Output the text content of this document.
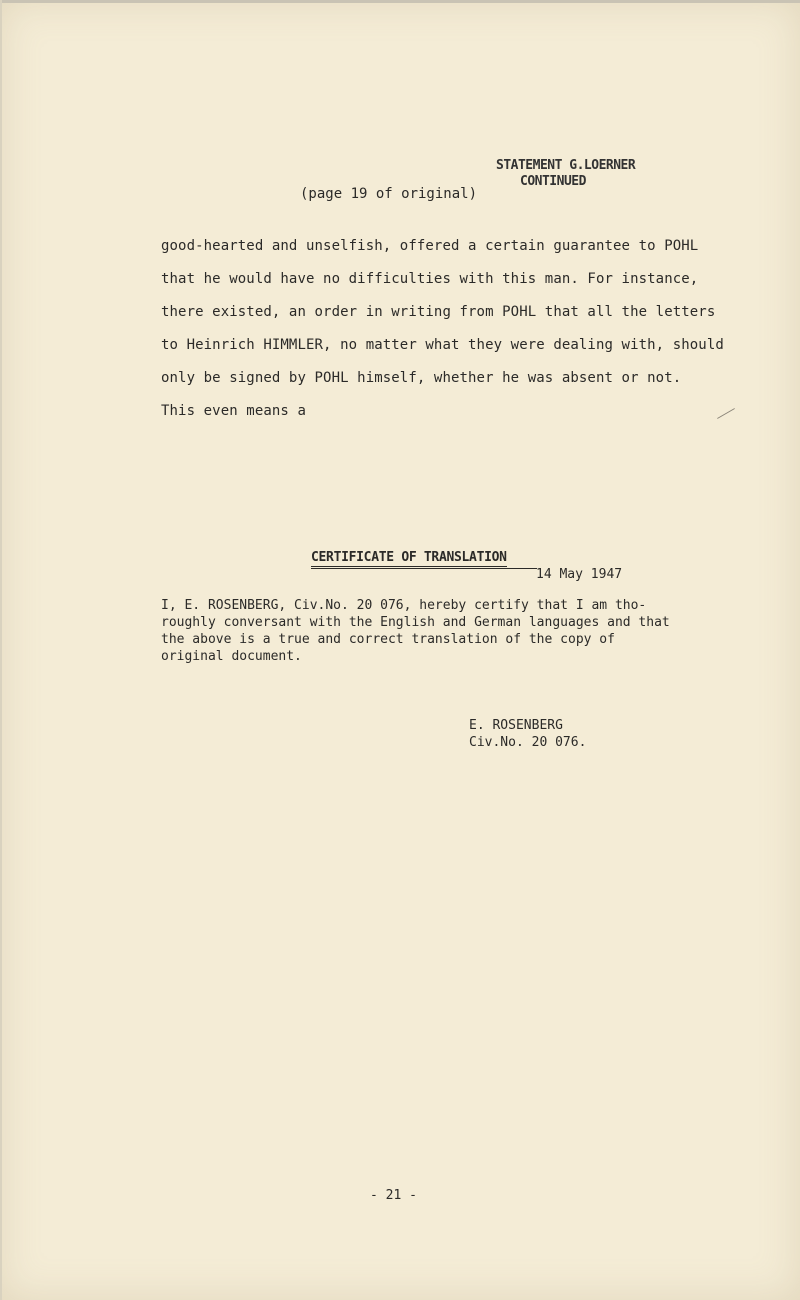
STATEMENT G.LOERNER
CONTINUED
(page 19 of original)
good-hearted and unselfish, offered a certain guarantee to POHL
that he would have no difficulties with this man. For instance,
there existed, an order in writing from POHL that all the letters
to Heinrich HIMMLER, no matter what they were dealing with, should
only be signed by POHL himself, whether he was absent or not.
This even means a
CERTIFICATE OF TRANSLATION
14 May 1947
I, E. ROSENBERG, Civ.No. 20 076, hereby certify that I am tho-
roughly conversant with the English and German languages and that
the above is a true and correct translation of the copy of
original document.
E. ROSENBERG
Civ.No. 20 076.
- 21 -
